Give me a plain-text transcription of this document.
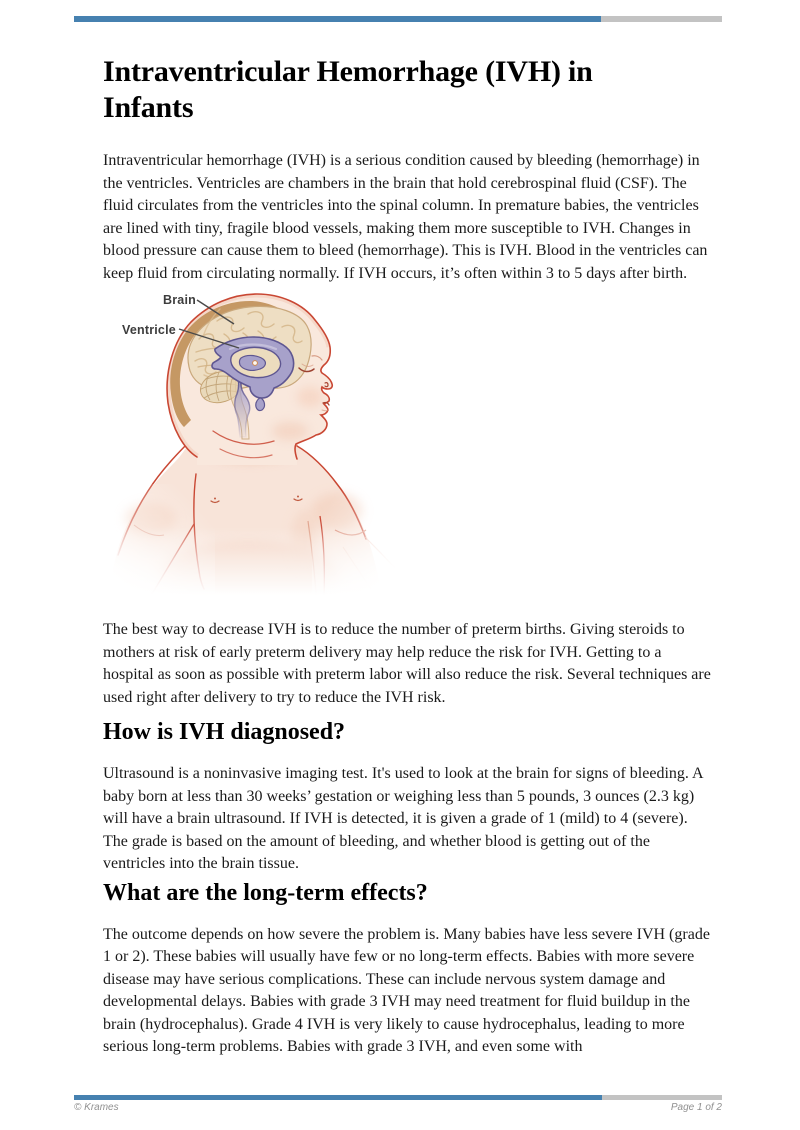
Intraventricular Hemorrhage (IVH) in Infants

Intraventricular hemorrhage (IVH) is a serious condition caused by bleeding (hemorrhage) in the ventricles. Ventricles are chambers in the brain that hold cerebrospinal fluid (CSF). The fluid circulates from the ventricles into the spinal column. In premature babies, the ventricles are lined with tiny, fragile blood vessels, making them more susceptible to IVH. Changes in blood pressure can cause them to bleed (hemorrhage). This is IVH. Blood in the ventricles can keep fluid from circulating normally. If IVH occurs, it’s often within 3 to 5 days after birth.

Brain
Ventricle

The best way to decrease IVH is to reduce the number of preterm births. Giving steroids to mothers at risk of early preterm delivery may help reduce the risk for IVH. Getting to a hospital as soon as possible with preterm labor will also reduce the risk. Several techniques are used right after delivery to try to reduce the IVH risk.

How is IVH diagnosed?

Ultrasound is a noninvasive imaging test. It's used to look at the brain for signs of bleeding. A baby born at less than 30 weeks’ gestation or weighing less than 5 pounds, 3 ounces (2.3 kg) will have a brain ultrasound. If IVH is detected, it is given a grade of 1 (mild) to 4 (severe). The grade is based on the amount of bleeding, and whether blood is getting out of the ventricles into the brain tissue.

What are the long-term effects?

The outcome depends on how severe the problem is. Many babies have less severe IVH (grade 1 or 2). These babies will usually have few or no long-term effects. Babies with more severe disease may have serious complications. These can include nervous system damage and developmental delays. Babies with grade 3 IVH may need treatment for fluid buildup in the brain (hydrocephalus). Grade 4 IVH is very likely to cause hydrocephalus, leading to more serious long-term problems. Babies with grade 3 IVH, and even some with

© Krames	Page 1 of 2
